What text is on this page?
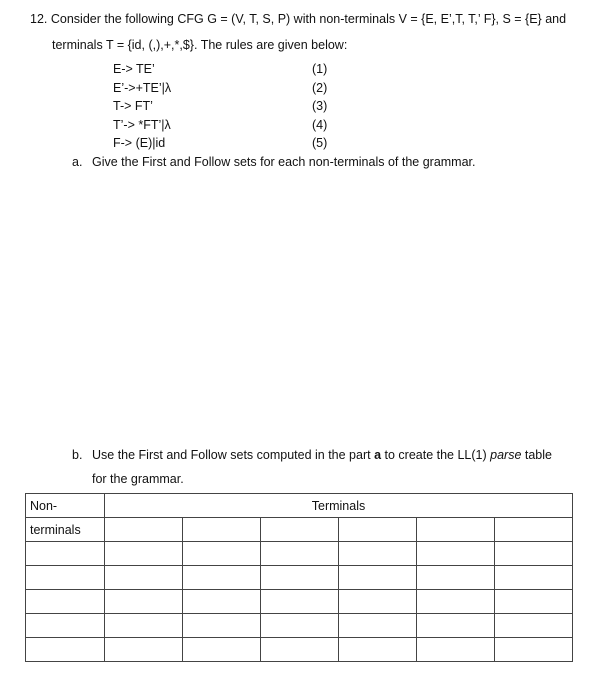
12. Consider the following CFG G = (V, T, S, P) with non-terminals V = {E, E’,T, T,’ F}, S = {E} and
terminals T = {id, (,),+,*,$}. The rules are given below:
E-> TE’	(1)
E’->+TE’|λ	(2)
T-> FT’	(3)
T’-> *FT’|λ	(4)
F-> (E)|id	(5)
a. Give the First and Follow sets for each non-terminals of the grammar.
b. Use the First and Follow sets computed in the part a to create the LL(1) parse table
for the grammar.
Non-	Terminals					
terminals						
